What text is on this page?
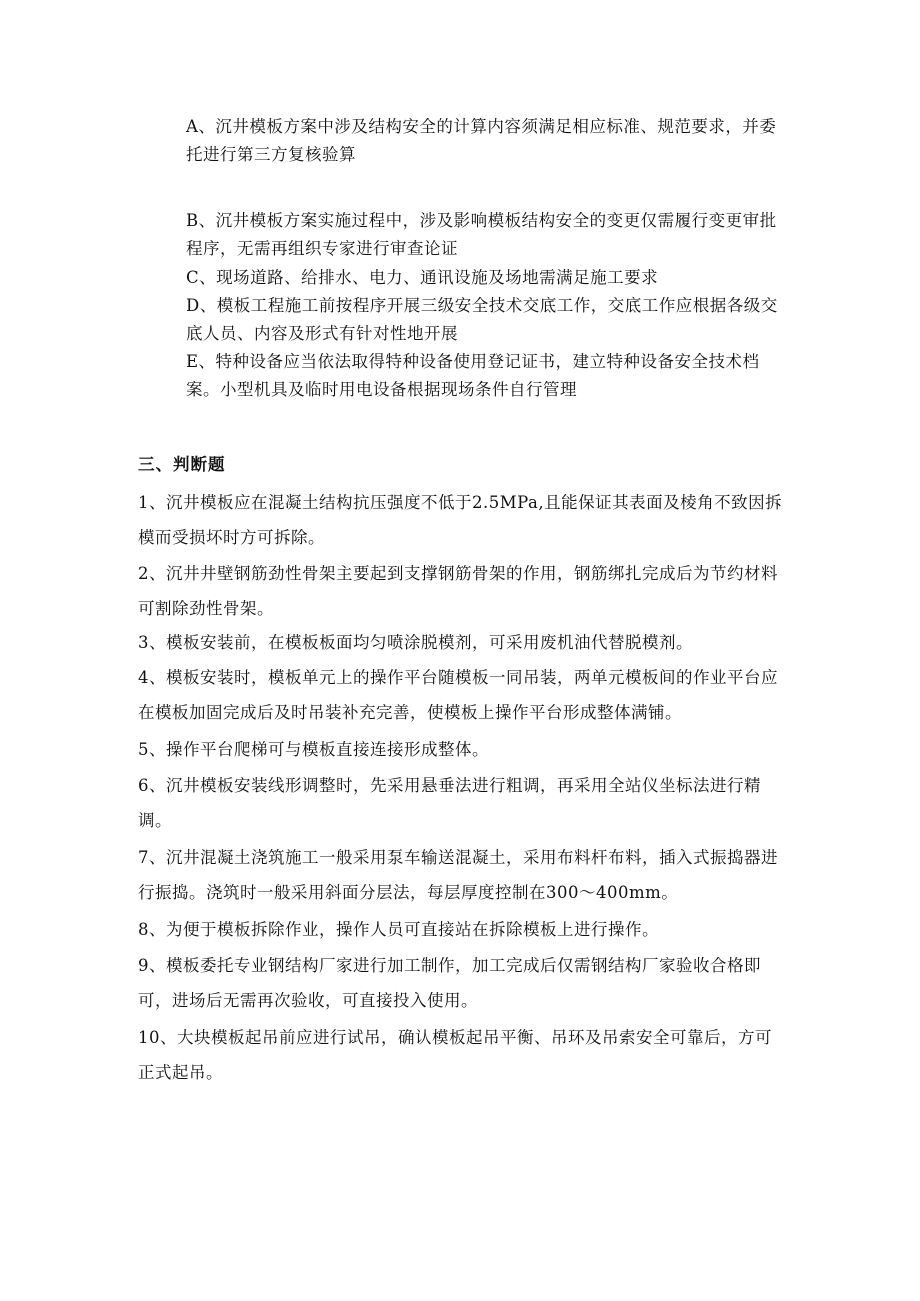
A、沉井模板方案中涉及结构安全的计算内容须满足相应标准、规范要求，并委托进行第三方复核验算
B、沉井模板方案实施过程中，涉及影响模板结构安全的变更仅需履行变更审批程序，无需再组织专家进行审查论证
C、现场道路、给排水、电力、通讯设施及场地需满足施工要求
D、模板工程施工前按程序开展三级安全技术交底工作，交底工作应根据各级交底人员、内容及形式有针对性地开展
E、特种设备应当依法取得特种设备使用登记证书，建立特种设备安全技术档案。小型机具及临时用电设备根据现场条件自行管理
三、判断题
1、沉井模板应在混凝土结构抗压强度不低于2.5MPa,且能保证其表面及棱角不致因拆模而受损坏时方可拆除。
2、沉井井壁钢筋劲性骨架主要起到支撑钢筋骨架的作用，钢筋绑扎完成后为节约材料可割除劲性骨架。
3、模板安装前，在模板板面均匀喷涂脱模剂，可采用废机油代替脱模剂。
4、模板安装时，模板单元上的操作平台随模板一同吊装，两单元模板间的作业平台应在模板加固完成后及时吊装补充完善，使模板上操作平台形成整体满铺。
5、操作平台爬梯可与模板直接连接形成整体。
6、沉井模板安装线形调整时，先采用悬垂法进行粗调，再采用全站仪坐标法进行精调。
7、沉井混凝土浇筑施工一般采用泵车输送混凝土，采用布料杆布料，插入式振捣器进行振捣。浇筑时一般采用斜面分层法，每层厚度控制在300～400mm。
8、为便于模板拆除作业，操作人员可直接站在拆除模板上进行操作。
9、模板委托专业钢结构厂家进行加工制作，加工完成后仅需钢结构厂家验收合格即可，进场后无需再次验收，可直接投入使用。
10、大块模板起吊前应进行试吊，确认模板起吊平衡、吊环及吊索安全可靠后，方可正式起吊。
